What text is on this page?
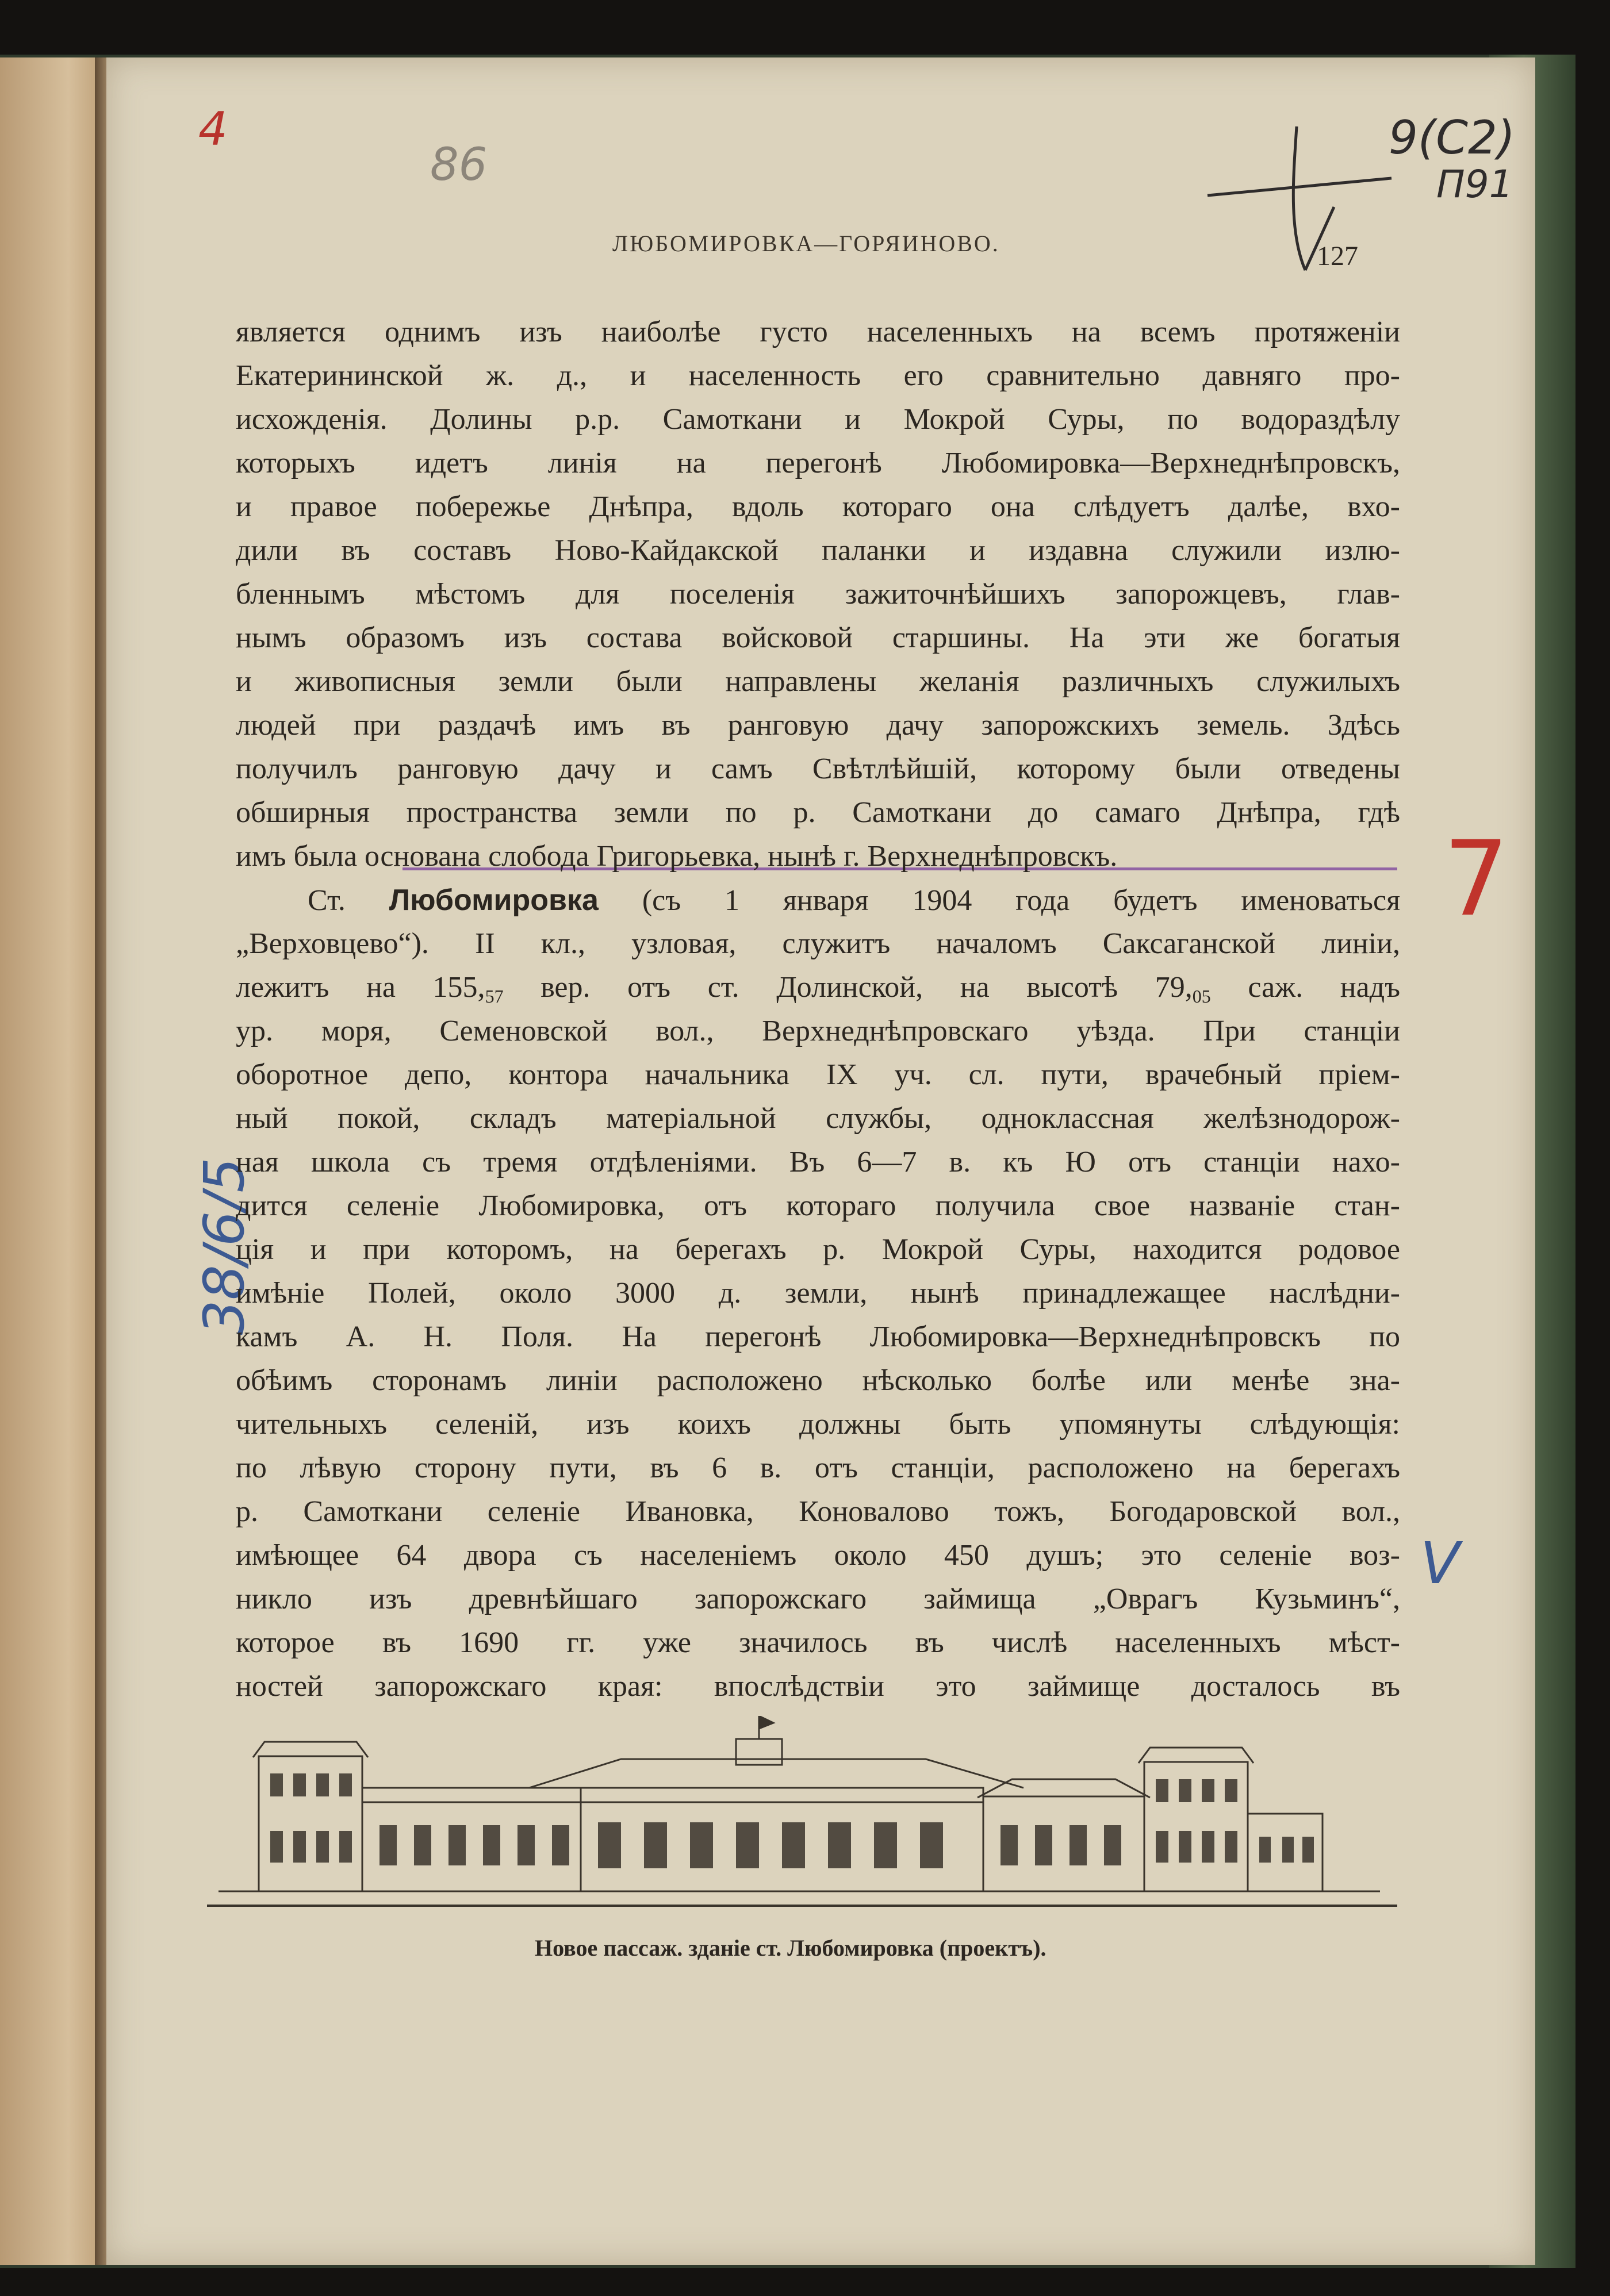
4
86
9(С2)
П91
38/6/5
7
V
ЛЮБОМИРОВКА—ГОРЯИНОВО.	127
является однимъ изъ наиболѣе густо населенныхъ на всемъ протяженіи
Екатерининской ж. д., и населенность его сравнительно давняго про-
исхожденія. Долины р.р. Самоткани и Мокрой Суры, по водораздѣлу
которыхъ идетъ линія на перегонѣ Любомировка—Верхнеднѣпровскъ,
и правое побережье Днѣпра, вдоль котораго она слѣдуетъ далѣе, вхо-
дили въ составъ Ново-Кайдакской паланки и издавна служили излю-
бленнымъ мѣстомъ для поселенія зажиточнѣйшихъ запорожцевъ, глав-
нымъ образомъ изъ состава войсковой старшины. На эти же богатыя
и живописныя земли были направлены желанія различныхъ служилыхъ
людей при раздачѣ имъ въ ранговую дачу запорожскихъ земель. Здѣсь
получилъ ранговую дачу и самъ Свѣтлѣйшій, которому были отведены
обширныя пространства земли по р. Самоткани до самаго Днѣпра, гдѣ
имъ была основана слобода Григорьевка, нынѣ г. Верхнеднѣпровскъ.
Ст. Любомировка (съ 1 января 1904 года будетъ именоваться
„Верховцево“). II кл., узловая, служитъ началомъ Саксаганской линіи,
лежитъ на $155,_{57}$ вер. отъ ст. Долинской, на высотѣ $79,_{05}$ саж. надъ
ур. моря, Семеновской вол., Верхнеднѣпровскаго уѣзда. При станціи
оборотное депо, контора начальника IX уч. сл. пути, врачебный пріем-
ный покой, складъ матеріальной службы, одноклассная желѣзнодорож-
ная школа съ тремя отдѣленіями. Въ 6—7 в. къ Ю отъ станціи нахо-
дится селеніе Любомировка, отъ котораго получила свое названіе стан-
ція и при которомъ, на берегахъ р. Мокрой Суры, находится родовое
имѣніе Полей, около 3000 д. земли, нынѣ принадлежащее наслѣдни-
камъ А. Н. Поля. На перегонѣ Любомировка—Верхнеднѣпровскъ по
обѣимъ сторонамъ линіи расположено нѣсколько болѣе или менѣе зна-
чительныхъ селеній, изъ коихъ должны быть упомянуты слѣдующія:
по лѣвую сторону пути, въ 6 в. отъ станціи, расположено на берегахъ
р. Самоткани селеніе Ивановка, Коновалово тожъ, Богодаровской вол.,
имѣющее 64 двора съ населеніемъ около 450 душъ; это селеніе воз-
никло изъ древнѣйшаго запорожскаго займища „Оврагъ Кузьминъ“,
которое въ 1690 гг. уже значилось въ числѣ населенныхъ мѣст-
ностей запорожскаго края: впослѣдствіи это займище досталось въ
Новое пассаж. зданіе ст. Любомировка (проектъ).
